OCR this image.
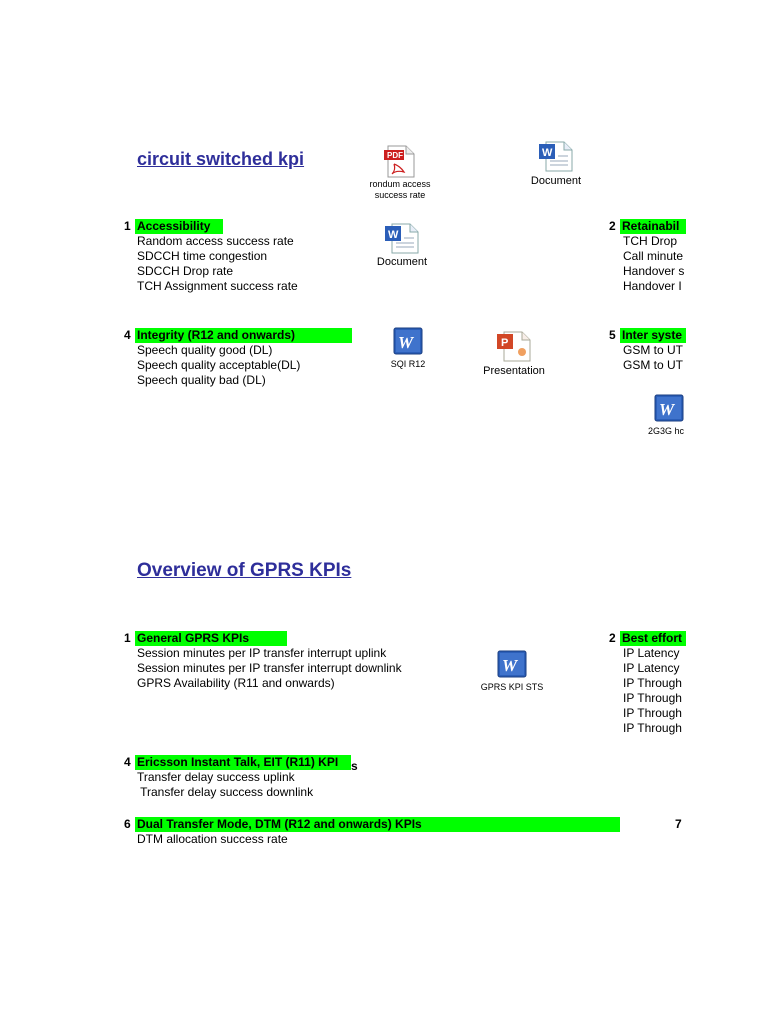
circuit switched kpi	PDF
rondum access success rate
W
Document
1 Accessibility
Random access success rate
SDCCH time congestion
SDCCH Drop rate
TCH Assignment success rate
W
Document
2 Retainabil
TCH Drop
Call minute
Handover s
Handover I
4 Integrity (R12 and onwards)
Speech quality good (DL)
Speech quality acceptable(DL)
Speech quality bad (DL)
W
SQI R12
P
Presentation
5 Inter syste
GSM to UT
GSM to UT
W
2G3G hc
Overview of GPRS KPIs
1 General GPRS KPIs
Session minutes per IP transfer interrupt uplink
Session minutes per IP transfer interrupt downlink
GPRS Availability (R11 and onwards)
W
GPRS KPI STS
2 Best effort
IP Latency
IP Latency
IP Through
IP Through
IP Through
IP Through
4 Ericsson Instant Talk, EIT (R11) KPI s
Transfer delay success uplink
Transfer delay success downlink
6 Dual Transfer Mode, DTM (R12 and onwards) KPIs
DTM allocation success rate
7
